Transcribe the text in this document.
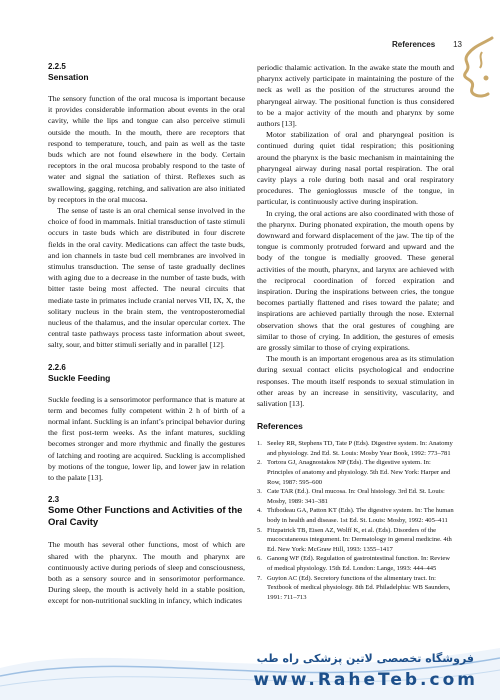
References 13

2.2.5

Sensation

The sensory function of the oral mucosa is important because it provides considerable information about events in the oral cavity, while the lips and tongue can also perceive stimuli outside the mouth. In the mouth, there are receptors that respond to temperature, touch, and pain as well as the taste buds which are not found elsewhere in the body. Certain receptors in the oral mucosa probably respond to the taste of water and signal the satiation of thirst. Reflexes such as swallowing, gagging, retching, and salivation are also initiated by receptors in the oral mucosa.

The sense of taste is an oral chemical sense involved in the choice of food in mammals. Initial transduction of taste stimuli occurs in taste buds which are distributed in four discrete fields in the oral cavity. Medications can affect the taste buds, and ion channels in taste bud cell membranes are involved in stimulus transduction. The sense of taste gradually declines with aging due to a decrease in the number of taste buds, with bitter taste being most affected. The neural circuits that mediate taste in primates include cranial nerves VII, IX, X, the solitary nucleus in the brain stem, the ventroposteromedial nucleus of the thalamus, and the insular opercular cortex. The central taste pathways process taste information about sweet, salty, sour, and bitter stimuli serially and in parallel [12].

2.2.6

Suckle Feeding

Suckle feeding is a sensorimotor performance that is mature at term and becomes fully competent within 2 h of birth of a normal infant. Suckling is an infant’s principal behavior during the first post-term weeks. As the infant matures, suckling becomes stronger and more rhythmic and finally the gestures of latching and rooting are acquired. Suckling is accomplished by motions of the tongue, lower lip, and lower jaw in relation to the palate [13].

2.3

Some Other Functions and Activities of the Oral Cavity

The mouth has several other functions, most of which are shared with the pharynx. The mouth and pharynx are continuously active during periods of sleep and consciousness, both as a sensory source and in sensorimotor performance. During sleep, the mouth is actively held in a stable position, except for non-nutritional suckling in infancy, which indicates

periodic thalamic activation. In the awake state the mouth and pharynx actively participate in maintaining the posture of the neck as well as the position of the structures around the pharyngeal airway. The positional function is thus considered to be a major activity of the mouth and pharynx by some authors [13].

Motor stabilization of oral and pharyngeal position is continued during quiet tidal respiration; this positioning around the pharynx is the basic mechanism in maintaining the pharyngeal airway during nasal portal respiration. The oral cavity plays a role during both nasal and oral respiratory procedures. The genioglossus muscle of the tongue, in particular, is continuously active during inspiration.

In crying, the oral actions are also coordinated with those of the pharynx. During phonated expiration, the mouth opens by downward and forward displacement of the jaw. The tip of the tongue is commonly protruded forward and upward and the body of the tongue is medially grooved. These general activities of the mouth, pharynx, and larynx are achieved with the reciprocal coordination of forced expiration and inspiration. During the inspirations between cries, the tongue becomes partially flattened and rises toward the palate; and inspirations are achieved partially through the nose. External observation shows that the oral gestures of coughing are similar to those of crying. In addition, the gestures of emesis are grossly similar to those of crying expirations.

The mouth is an important erogenous area as its stimulation during sexual contact elicits psychological and endocrine responses. The mouth itself responds to sexual stimulation in other areas by an increase in sensitivity, vascularity, and salivation [13].

References
1. Seeley RR, Stephens TD, Tate P (Eds). Digestive system. In: Anatomy and physiology. 2nd Ed. St. Louis: Mosby Year Book, 1992: 773–781
2. Tortora GJ, Anagnostakos NP (Eds). The digestive system. In: Principles of anatomy and physiology. 5th Ed. New York: Harper and Row, 1987: 595–600
3. Cate TAR (Ed.). Oral mucosa. In: Oral histology. 3rd Ed. St. Louis: Mosby, 1989: 341–381
4. Thibodeau GA, Patton KT (Eds). The digestive system. In: The human body in health and disease. 1st Ed. St. Louis: Mosby, 1992: 405–411
5. Fitzpatrick TB, Eisen AZ, Wolff K, et al. (Eds). Disorders of the mucocutaneous integument. In: Dermatology in general medicine. 4th Ed. New York: McGraw Hill, 1993: 1355–1417
6. Ganong WF (Ed). Regulation of gastrointestinal function. In: Review of medical physiology. 15th Ed. London: Lange, 1993: 444–445
7. Guyton AC (Ed). Secretory functions of the alimentary tract. In: Textbook of medical physiology. 8th Ed. Philadelphia: WB Saunders, 1991: 711–713
فروشگاه تخصصی لاتین پزشکی راه طب
www.RaheTeb.com
